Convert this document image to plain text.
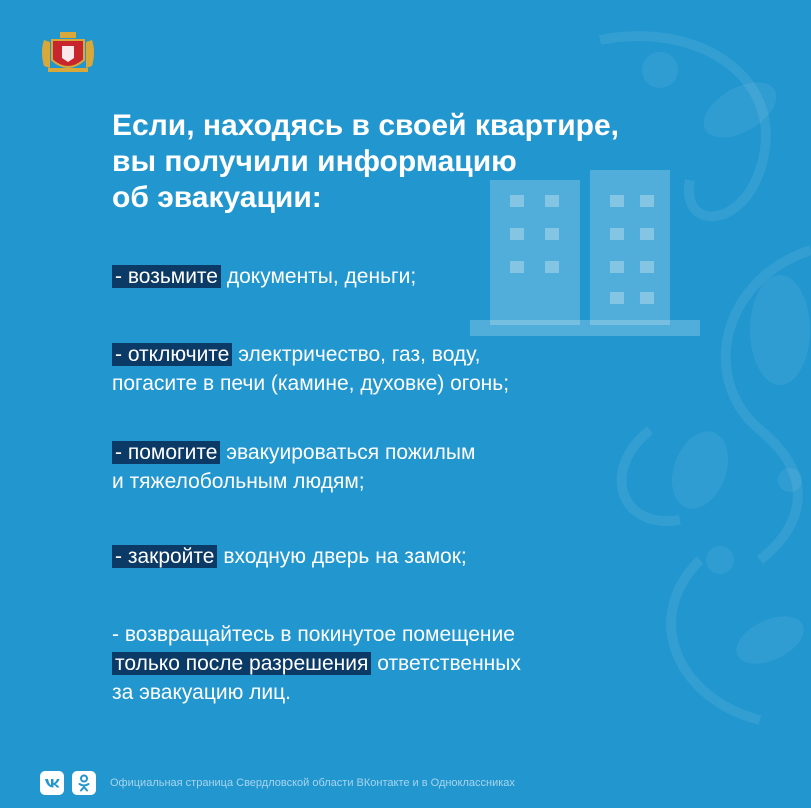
Если, находясь в своей квартире,
вы получили информацию
об эвакуации:
- возьмите документы, деньги;
- отключите электричество, газ, воду,
погасите в печи (камине, духовке) огонь;
- помогите эвакуироваться пожилым
и тяжелобольным людям;
- закройте входную дверь на замок;
- возвращайтесь в покинутое помещение
только после разрешения ответственных
за эвакуацию лиц.
Официальная страница Свердловской области ВКонтакте и в Одноклассниках
